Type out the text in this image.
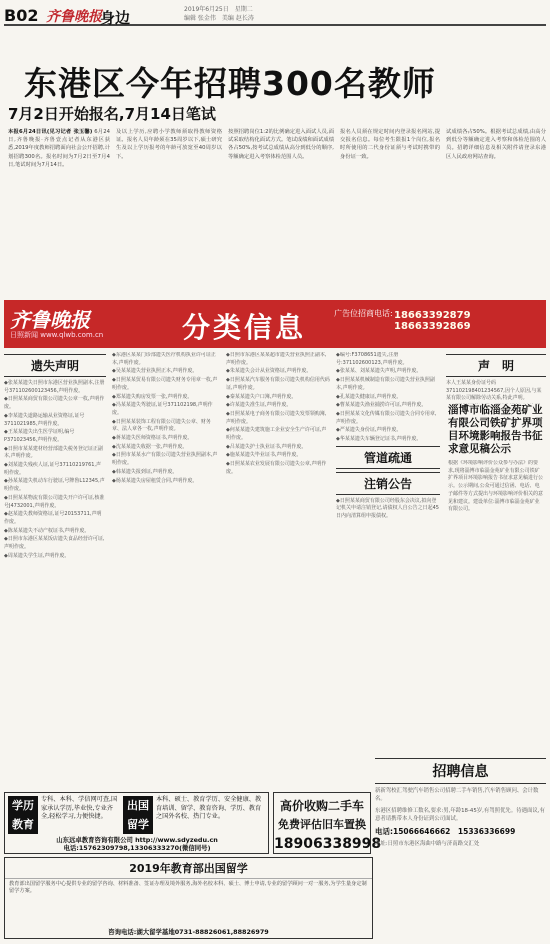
B02 齐鲁晚报
身边	2019年6月25日　星期二
编辑 张金伟　美编 赵长涛
东港区今年招聘300名教师
7月2日开始报名,7月14日笔试
本报6月24日讯(见习记者 张玉馨) 6月24日,齐鲁晚报·齐鲁壹点记者从东港区获悉,2019年度教师招聘面向社会公开招聘,计划招聘300名。报名时间为7月2日至7月4日,笔试时间为7月14日。
及以上学历,应聘小学教师须取得教师资格证。报名人员年龄须在35周岁以下,硕士研究生及以上学历报考的年龄可放宽至40周岁以下。
按照招聘岗位1:2的比例确定进入面试人员,面试采取结构化面试方式。笔试成绩和面试成绩各占50%,按考试总成绩从高分到低分的顺序,等额确定进入考察体检范围人员。
报名人员须在规定时间内登录报名网站,提交报名信息。每位考生限报1个岗位,报名时所使用的二代身份证须与考试时携带的身份证一致。
试成绩各占50%。根据考试总成绩,由高分到低分等额确定进入考察和体检范围的人员。招聘详细信息及相关附件请登录东港区人民政府网站查询。
齐鲁晚报
日照新闻 www.qlwb.com.cn	分类信息	广告位招商电话: 18663392879 　 18663392869
遗失声明

◆张某某遗失日照市东港区营业执照副本,注册号371102600123456,声明作废。

◆日照某某商贸有限公司遗失公章一枚,声明作废。

◆李某遗失道路运输从业资格证,证号3711021985,声明作废。

◆王某某遗失出生医学证明,编号P371023456,声明作废。

◆日照市某某建材经营部遗失税务登记证正副本,声明作废。

◆刘某遗失残疾人证,证号37110219761,声明作废。

◆孙某某遗失机动车行驶证,号牌鲁L12345,声明作废。

◆日照某某物流有限公司遗失开户许可证,核准号J4732001,声明作废。

◆赵某遗失教师资格证,证号20153711,声明作废。

◆陈某某遗失不动产权证书,声明作废。

◆日照市东港区某某饭店遗失食品经营许可证,声明作废。

◆周某遗失学生证,声明作废。

◆东港区某某门诊部遗失医疗机构执业许可证正本,声明作废。

◆吴某某遗失营业执照正本,声明作废。

◆日照某某贸易有限公司遗失财务专用章一枚,声明作废。

◆郑某遗失购房发票一张,声明作废。

◆冯某某遗失驾驶证,证号371102198,声明作废。

◆日照某某装饰工程有限公司遗失公章、财务章、法人章各一枚,声明作废。

◆蒋某遗失医师资格证书,声明作废。

◆沈某某遗失收据一张,声明作废。

◆日照市某某水产有限公司遗失营业执照副本,声明作废。

◆韩某遗失报到证,声明作废。

◆杨某某遗失房屋租赁合同,声明作废。

◆日照市东港区某某超市遗失营业执照正副本,声明作废。

◆朱某遗失会计从业资格证,声明作废。

◆日照某某汽车服务有限公司遗失机构信用代码证,声明作废。

◆秦某某遗失户口簿,声明作废。

◆许某遗失准生证,声明作废。

◆日照某某电子商务有限公司遗失发票领购簿,声明作废。

◆何某某遗失建筑施工企业安全生产许可证,声明作废。

◆吕某遗失护士执业证书,声明作废。

◆施某某遗失毕业证书,声明作废。

◆日照某某农业发展有限公司遗失公章,声明作废。

◆编号:F3708651遗失,注册号:371102600123,声明作废。

◆张某某、刘某某遗失声明,声明作废。

◆日照某某机械制造有限公司遗失营业执照副本,声明作废。

◆孔某遗失健康证,声明作废。

◆曹某某遗失渔业捕捞许可证,声明作废。

◆日照某某文化传媒有限公司遗失合同专用章,声明作废。

◆严某遗失身份证,声明作废。

◆华某某遗失车辆登记证书,声明作废。

管道疏通
注销公告

◆日照某某商贸有限公司经股东会决议,拟向登记机关申请注销登记,请债权人自公告之日起45日内向清算组申报债权。

声　明

本人王某某身份证号码371102198401234567,因个人原因,与某某有限公司解除劳动关系,特此声明。

淄博市临淄金苑矿业有限公司铁矿扩界项目环境影响报告书征求意见稿公示
根据《环境影响评价公众参与办法》的要求,现将淄博市临淄金苑矿业有限公司铁矿扩界项目环境影响报告书征求意见稿进行公示。公示期间,公众可通过信函、电话、电子邮件等方式提出与环境影响评价相关的意见和建议。建设单位:淄博市临淄金苑矿业有限公司。
学历教育
专科、本科、学信网可查,国家承认学历,毕业快,专业齐全,轻松学习,力便快捷。
出国留学
本科、硕士、教育学历、安全健康、教育培训、留学、教育咨询、学历、教育之国外名校、热门专业。
山东远卓教育咨询有限公司 http://www.sdyzedu.cn
电话:15762309798,13306333270(微信同号)
高价收购二手车
免费评估旧车置换
18906338998
招聘信息
新新驾校汇驾驶汽车销售公司招聘二手车销售,汽车销售顾问、会计数名。
东港区招聘维修工数名,要求:男,年龄18-45岁,有驾照优先。待遇面议,有意者请携带本人身份证到公司面试。
电话:15066646662　15336336699
地址:日照市东港区海曲中路与济南路交汇处
2019年教育部出国留学
教育部出国留学服务中心提供专业的留学咨询、材料准备、签证办理及境外服务,海外名校本科、硕士、博士申请,专业的留学顾问一对一服务,为学生量身定制留学方案。
咨询电话:湖大留学基地0731-88826061,88826979
